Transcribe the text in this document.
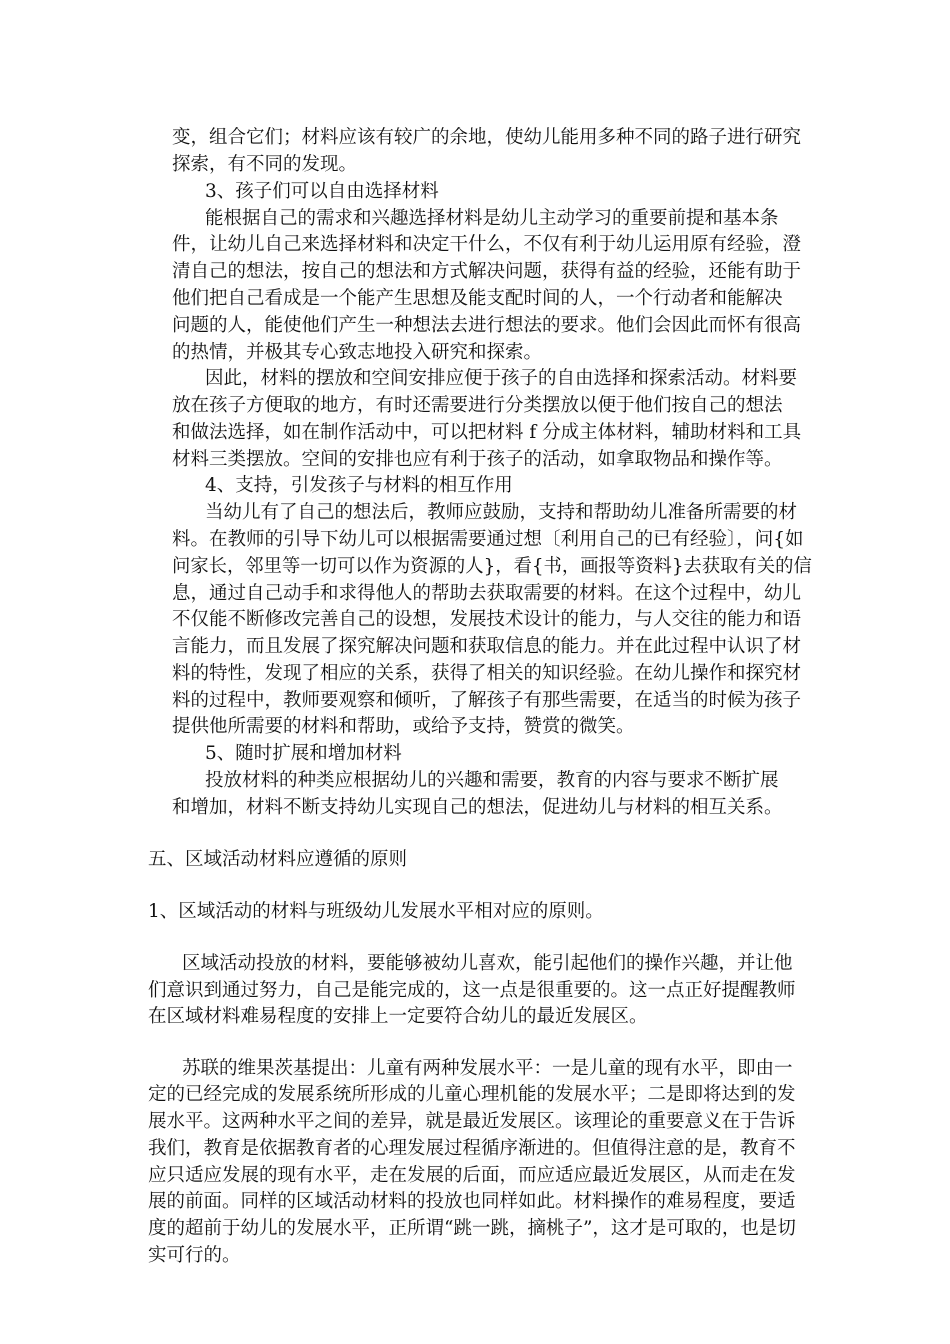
变，组合它们；材料应该有较广的余地，使幼儿能用多种不同的路子进行研究
探索，有不同的发现。
3、孩子们可以自由选择材料
能根据自己的需求和兴趣选择材料是幼儿主动学习的重要前提和基本条
件，让幼儿自己来选择材料和决定干什么，不仅有利于幼儿运用原有经验，澄
清自己的想法，按自己的想法和方式解决问题，获得有益的经验，还能有助于
他们把自己看成是一个能产生思想及能支配时间的人，一个行动者和能解决
问题的人，能使他们产生一种想法去进行想法的要求。他们会因此而怀有很高
的热情，并极其专心致志地投入研究和探索。
因此，材料的摆放和空间安排应便于孩子的自由选择和探索活动。材料要
放在孩子方便取的地方，有时还需要进行分类摆放以便于他们按自己的想法
和做法选择，如在制作活动中，可以把材料 f 分成主体材料，辅助材料和工具
材料三类摆放。空间的安排也应有利于孩子的活动，如拿取物品和操作等。
4、支持，引发孩子与材料的相互作用
当幼儿有了自己的想法后，教师应鼓励，支持和帮助幼儿准备所需要的材
料。在教师的引导下幼儿可以根据需要通过想〔利用自己的已有经验〕，问{如
问家长，邻里等一切可以作为资源的人}，看{书，画报等资料}去获取有关的信
息，通过自己动手和求得他人的帮助去获取需要的材料。在这个过程中，幼儿
不仅能不断修改完善自己的设想，发展技术设计的能力，与人交往的能力和语
言能力，而且发展了探究解决问题和获取信息的能力。并在此过程中认识了材
料的特性，发现了相应的关系，获得了相关的知识经验。在幼儿操作和探究材
料的过程中，教师要观察和倾听，了解孩子有那些需要，在适当的时候为孩子
提供他所需要的材料和帮助，或给予支持，赞赏的微笑。
5、随时扩展和增加材料
投放材料的种类应根据幼儿的兴趣和需要，教育的内容与要求不断扩展
和增加，材料不断支持幼儿实现自己的想法，促进幼儿与材料的相互关系。
五、区域活动材料应遵循的原则
1、区域活动的材料与班级幼儿发展水平相对应的原则。
区域活动投放的材料，要能够被幼儿喜欢，能引起他们的操作兴趣，并让他
们意识到通过努力，自己是能完成的，这一点是很重要的。这一点正好提醒教师
在区域材料难易程度的安排上一定要符合幼儿的最近发展区。
苏联的维果茨基提出：儿童有两种发展水平：一是儿童的现有水平，即由一
定的已经完成的发展系统所形成的儿童心理机能的发展水平；二是即将达到的发
展水平。这两种水平之间的差异，就是最近发展区。该理论的重要意义在于告诉
我们，教育是依据教育者的心理发展过程循序渐进的。但值得注意的是，教育不
应只适应发展的现有水平，走在发展的后面，而应适应最近发展区，从而走在发
展的前面。同样的区域活动材料的投放也同样如此。材料操作的难易程度，要适
度的超前于幼儿的发展水平，正所谓“跳一跳，摘桃子”，这才是可取的，也是切
实可行的。
